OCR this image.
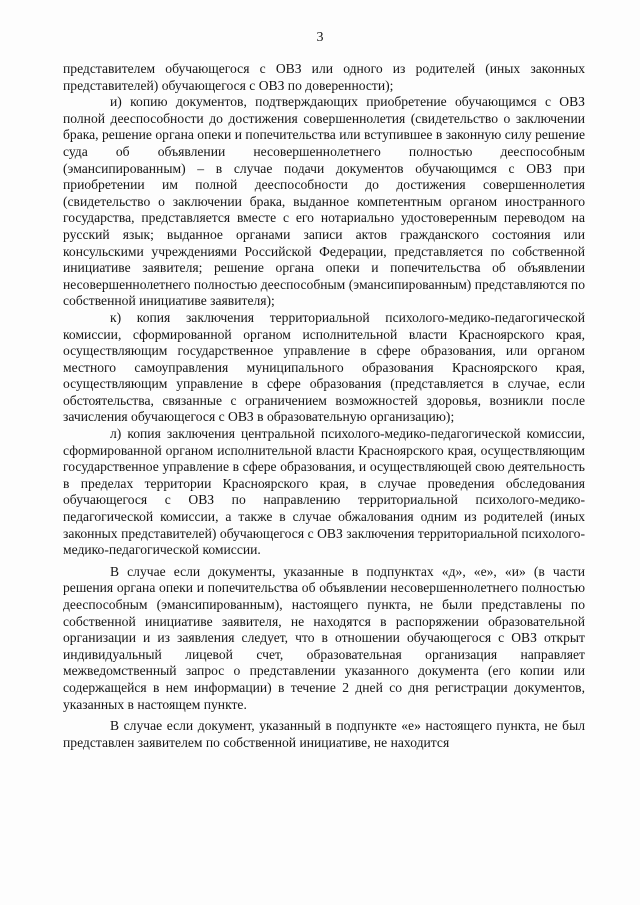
3

представителем обучающегося с ОВЗ или одного из родителей (иных законных представителей) обучающегося с ОВЗ по доверенности);

и) копию документов, подтверждающих приобретение обучающимся с ОВЗ полной дееспособности до достижения совершеннолетия (свидетельство о заключении брака, решение органа опеки и попечительства или вступившее в законную силу решение суда об объявлении несовершеннолетнего полностью дееспособным (эмансипированным) – в случае подачи документов обучающимся с ОВЗ при приобретении им полной дееспособности до достижения совершеннолетия (свидетельство о заключении брака, выданное компетентным органом иностранного государства, представляется вместе с его нотариально удостоверенным переводом на русский язык; выданное органами записи актов гражданского состояния или консульскими учреждениями Российской Федерации, представляется по собственной инициативе заявителя; решение органа опеки и попечительства об объявлении несовершеннолетнего полностью дееспособным (эмансипированным) представляются по собственной инициативе заявителя);

к) копия заключения территориальной психолого-медико-педагогической комиссии, сформированной органом исполнительной власти Красноярского края, осуществляющим государственное управление в сфере образования, или органом местного самоуправления муниципального образования Красноярского края, осуществляющим управление в сфере образования (представляется в случае, если обстоятельства, связанные с ограничением возможностей здоровья, возникли после зачисления обучающегося с ОВЗ в образовательную организацию);

л) копия заключения центральной психолого-медико-педагогической комиссии, сформированной органом исполнительной власти Красноярского края, осуществляющим государственное управление в сфере образования, и осуществляющей свою деятельность в пределах территории Красноярского края, в случае проведения обследования обучающегося с ОВЗ по направлению территориальной психолого-медико-педагогической комиссии, а также в случае обжалования одним из родителей (иных законных представителей) обучающегося с ОВЗ заключения территориальной психолого-медико-педагогической комиссии.

В случае если документы, указанные в подпунктах «д», «е», «и» (в части решения органа опеки и попечительства об объявлении несовершеннолетнего полностью дееспособным (эмансипированным), настоящего пункта, не были представлены по собственной инициативе заявителя, не находятся в распоряжении образовательной организации и из заявления следует, что в отношении обучающегося с ОВЗ открыт индивидуальный лицевой счет, образовательная организация направляет межведомственный запрос о представлении указанного документа (его копии или содержащейся в нем информации) в течение 2 дней со дня регистрации документов, указанных в настоящем пункте.

В случае если документ, указанный в подпункте «е» настоящего пункта, не был представлен заявителем по собственной инициативе, не находится
